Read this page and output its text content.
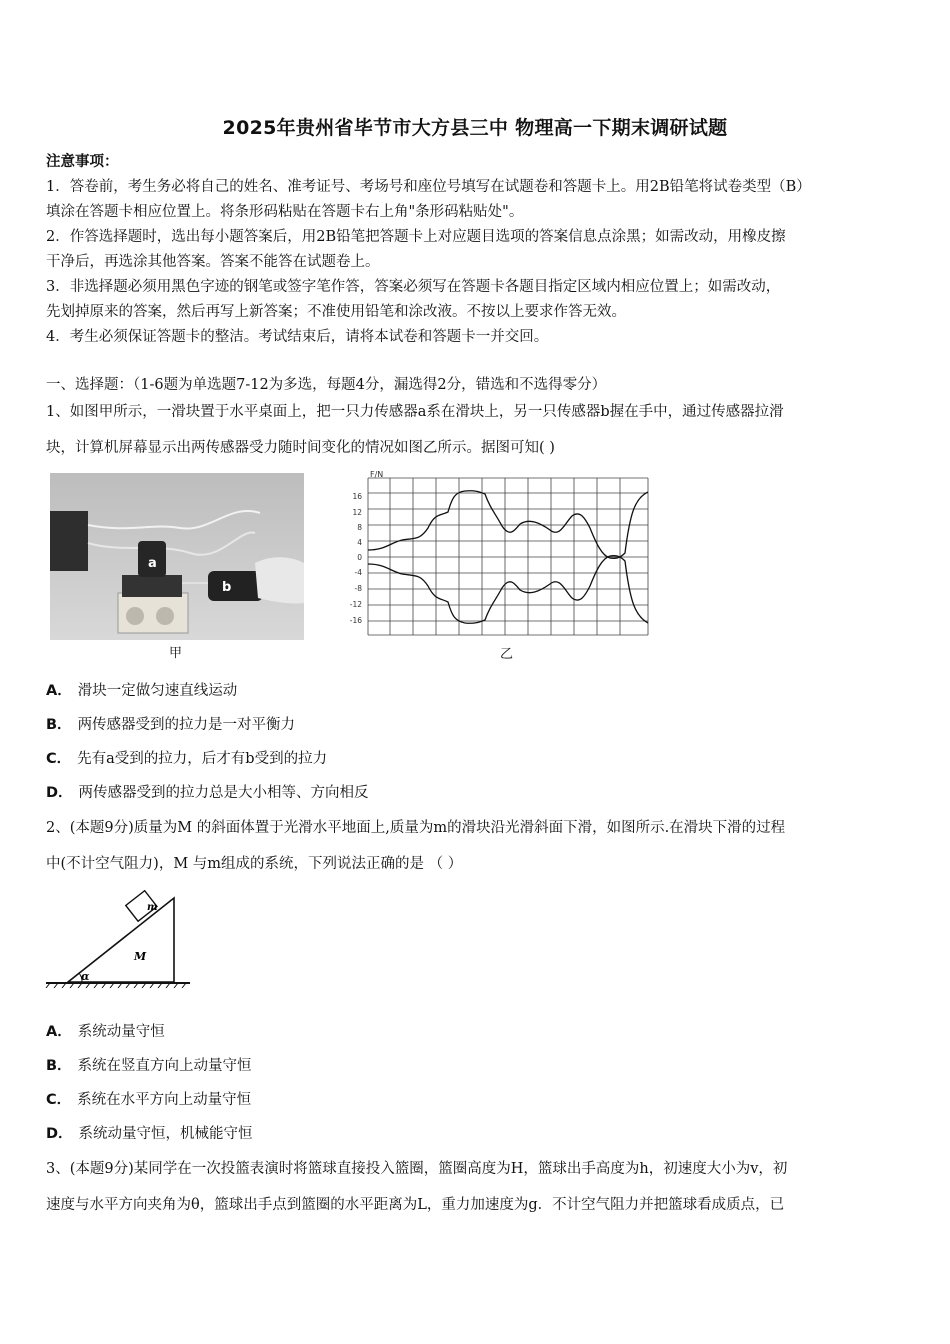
2025年贵州省毕节市大方县三中 物理高一下期末调研试题
注意事项：
1．答卷前，考生务必将自己的姓名、准考证号、考场号和座位号填写在试题卷和答题卡上。用2B铅笔将试卷类型（B）
填涂在答题卡相应位置上。将条形码粘贴在答题卡右上角"条形码粘贴处"。
2．作答选择题时，选出每小题答案后，用2B铅笔把答题卡上对应题目选项的答案信息点涂黑；如需改动，用橡皮擦
干净后，再选涂其他答案。答案不能答在试题卷上。
3．非选择题必须用黑色字迹的钢笔或签字笔作答，答案必须写在答题卡各题目指定区域内相应位置上；如需改动，
先划掉原来的答案，然后再写上新答案；不准使用铅笔和涂改液。不按以上要求作答无效。
4．考生必须保证答题卡的整洁。考试结束后，请将本试卷和答题卡一并交回。
一、选择题：（1-6题为单选题7-12为多选，每题4分，漏选得2分，错选和不选得零分）
1、如图甲所示，一滑块置于水平桌面上，把一只力传感器a系在滑块上，另一只传感器b握在手中，通过传感器拉滑
块，计算机屏幕显示出两传感器受力随时间变化的情况如图乙所示。据图可知( )
a
b
甲
F/N
16
12
8
4
0
-4
-8
-12
-16
乙
A． 滑块一定做匀速直线运动
B． 两传感器受到的拉力是一对平衡力
C． 先有a受到的拉力，后才有b受到的拉力
D． 两传感器受到的拉力总是大小相等、方向相反
2、(本题9分)质量为M 的斜面体置于光滑水平地面上,质量为m的滑块沿光滑斜面下滑，如图所示.在滑块下滑的过程
中(不计空气阻力)，M 与m组成的系统，下列说法正确的是 （ ）
m
M
α
A． 系统动量守恒
B． 系统在竖直方向上动量守恒
C． 系统在水平方向上动量守恒
D． 系统动量守恒，机械能守恒
3、(本题9分)某同学在一次投篮表演时将篮球直接投入篮圈，篮圈高度为H，篮球出手高度为h，初速度大小为v，初
速度与水平方向夹角为θ，篮球出手点到篮圈的水平距离为L，重力加速度为g．不计空气阻力并把篮球看成质点，已
